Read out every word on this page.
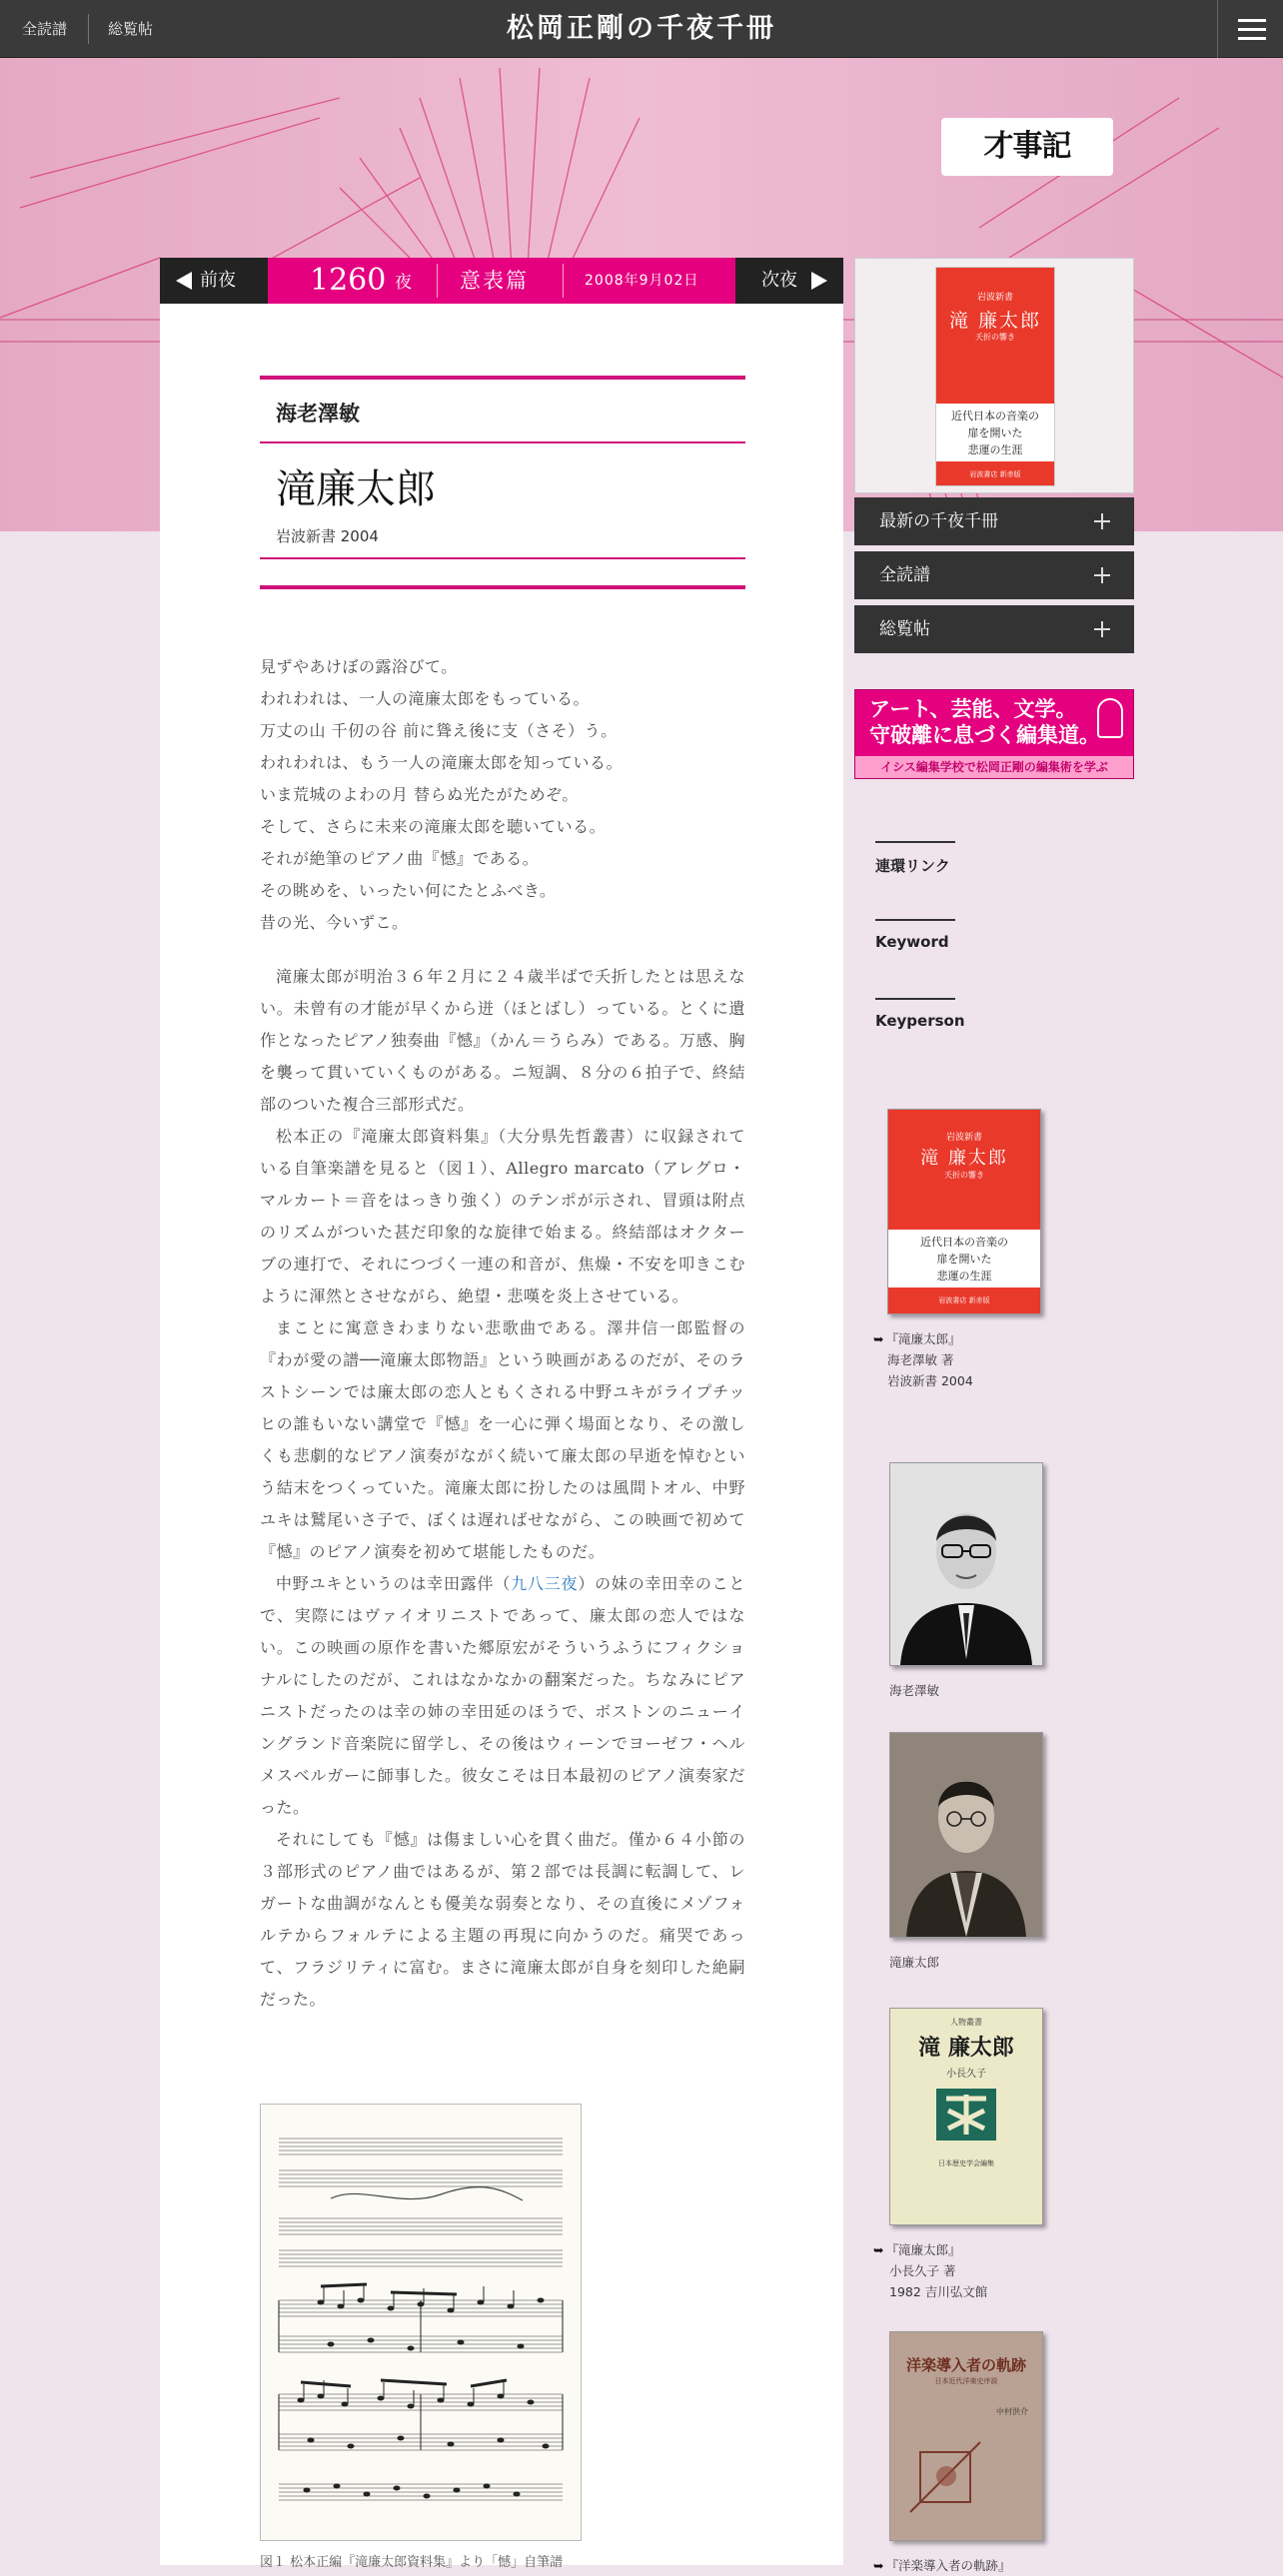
全読譜	総覧帖	松岡正剛の千夜千冊
才事記
前夜	1260 夜 意表篇	2008年9月02日	次夜
海老澤敏
滝廉太郎
岩波新書 2004

見ずやあけぼの露浴びて。

われわれは、一人の滝廉太郎をもっている。

万丈の山 千仞の谷 前に聳え後に支（さそ）う。

われわれは、もう一人の滝廉太郎を知っている。

いま荒城のよわの月 替らぬ光たがためぞ。

そして、さらに未来の滝廉太郎を聴いている。

それが絶筆のピアノ曲『憾』である。

その眺めを、いったい何にたとふべき。

昔の光、今いずこ。

滝廉太郎が明治３６年２月に２４歳半ばで夭折したとは思えない。未曾有の才能が早くから迸（ほとばし）っている。とくに遺作となったピアノ独奏曲『憾』（かん＝うらみ）である。万感、胸を襲って貫いていくものがある。ニ短調、８分の６拍子で、終結部のついた複合三部形式だ。

松本正の『滝廉太郎資料集』（大分県先哲叢書）に収録されている自筆楽譜を見ると（図１）、Allegro marcato（アレグロ・マルカート＝音をはっきり強く）のテンポが示され、冒頭は附点のリズムがついた甚だ印象的な旋律で始まる。終結部はオクターブの連打で、それにつづく一連の和音が、焦燥・不安を叩きこむように渾然とさせながら、絶望・悲嘆を炎上させている。

まことに寓意きわまりない悲歌曲である。澤井信一郎監督の『わが愛の譜──滝廉太郎物語』という映画があるのだが、そのラストシーンでは廉太郎の恋人ともくされる中野ユキがライプチッヒの誰もいない講堂で『憾』を一心に弾く場面となり、その激しくも悲劇的なピアノ演奏がながく続いて廉太郎の早逝を悼むという結末をつくっていた。滝廉太郎に扮したのは風間トオル、中野ユキは鷲尾いさ子で、ぼくは遅ればせながら、この映画で初めて『憾』のピアノ演奏を初めて堪能したものだ。

中野ユキというのは幸田露伴（九八三夜）の妹の幸田幸のことで、実際にはヴァイオリニストであって、廉太郎の恋人ではない。この映画の原作を書いた郷原宏がそういうふうにフィクショナルにしたのだが、これはなかなかの翻案だった。ちなみにピアニストだったのは幸の姉の幸田延のほうで、ボストンのニューイングランド音楽院に留学し、その後はウィーンでヨーゼフ・ヘルメスベルガーに師事した。彼女こそは日本最初のピアノ演奏家だった。

それにしても『憾』は傷ましい心を貫く曲だ。僅か６４小節の３部形式のピアノ曲ではあるが、第２部では長調に転調して、レガートな曲調がなんとも優美な弱奏となり、その直後にメゾフォルテからフォルテによる主題の再現に向かうのだ。痛哭であって、フラジリティに富む。まさに滝廉太郎が自身を刻印した絶嗣だった。

図１ 松本正編『滝廉太郎資料集』より「憾」自筆譜
岩波新書
滝 廉太郎
夭折の響き
近代日本の音楽の
扉を開いた
悲運の生涯
岩波書店 新赤版
最新の千夜千冊
全読譜
総覧帖
アート、芸能、文学。
守破離に息づく編集道。
イシス編集学校で松岡正剛の編集術を学ぶ
連環リンク
Keyword
Keyperson
岩波新書
滝 廉太郎
夭折の響き
近代日本の音楽の
扉を開いた
悲運の生涯
岩波書店 新赤版
➥ 『滝廉太郎』
海老澤敏 著
岩波新書 2004
海老澤敏
滝廉太郎
人物叢書
滝 廉太郎
小長久子
日本歴史学会編集
➥ 『滝廉太郎』
小長久子 著
1982 吉川弘文館
洋楽導入者の軌跡
日本近代洋楽史序説
中村洪介
➥ 『洋楽導入者の軌跡』
